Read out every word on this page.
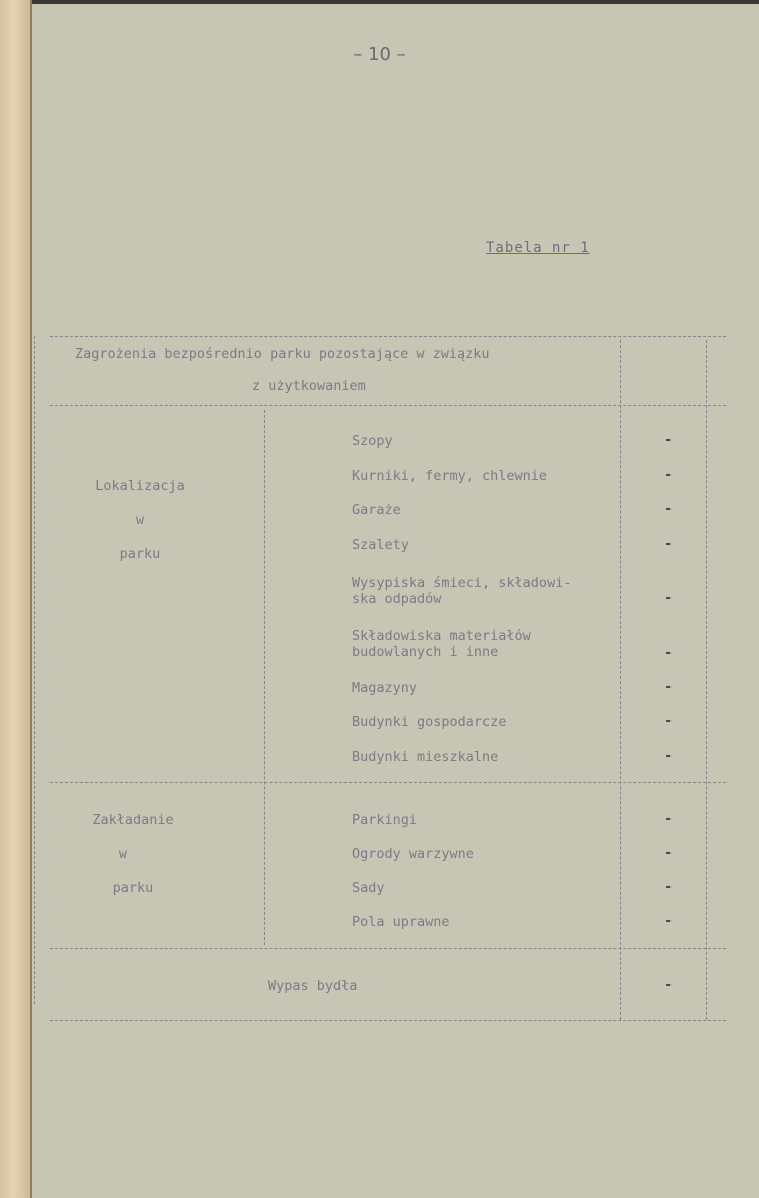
– 10 –
Tabela nr 1
Zagrożenia bezpośrednio parku pozostające w związku
z użytkowaniem
Lokalizacja
w
parku
Szopy	-
Kurniki, fermy, chlewnie	-
Garaże	-
Szalety	-
Wysypiska śmieci, składowi-
ska odpadów	-
Składowiska materiałów
budowlanych i inne	-
Magazyny	-
Budynki gospodarcze	-
Budynki mieszkalne	-
Zakładanie
w
parku
Parkingi	-
Ogrody warzywne	-
Sady	-
Pola uprawne	-
Wypas bydła	-
